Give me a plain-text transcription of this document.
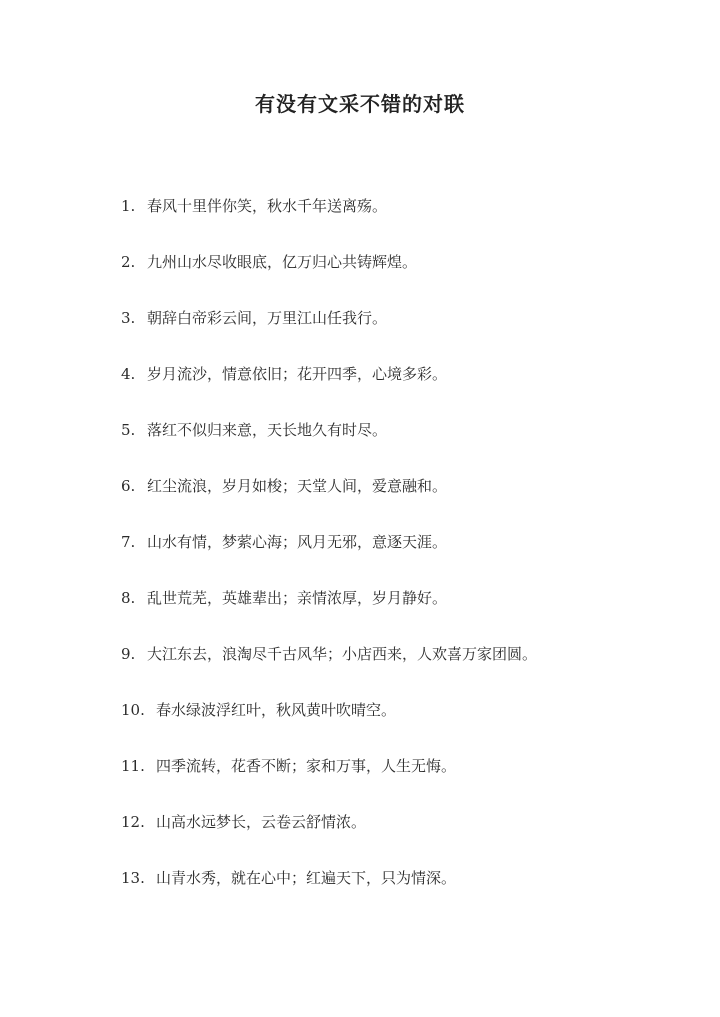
有没有文采不错的对联
1. 春风十里伴你笑，秋水千年送离殇。
2. 九州山水尽收眼底，亿万归心共铸辉煌。
3. 朝辞白帝彩云间，万里江山任我行。
4. 岁月流沙，情意依旧；花开四季，心境多彩。
5. 落红不似归来意，天长地久有时尽。
6. 红尘流浪，岁月如梭；天堂人间，爱意融和。
7. 山水有情，梦萦心海；风月无邪，意逐天涯。
8. 乱世荒芜，英雄辈出；亲情浓厚，岁月静好。
9. 大江东去，浪淘尽千古风华；小店西来，人欢喜万家团圆。
10. 春水绿波浮红叶，秋风黄叶吹晴空。
11. 四季流转，花香不断；家和万事，人生无悔。
12. 山高水远梦长，云卷云舒情浓。
13. 山青水秀，就在心中；红遍天下，只为情深。
